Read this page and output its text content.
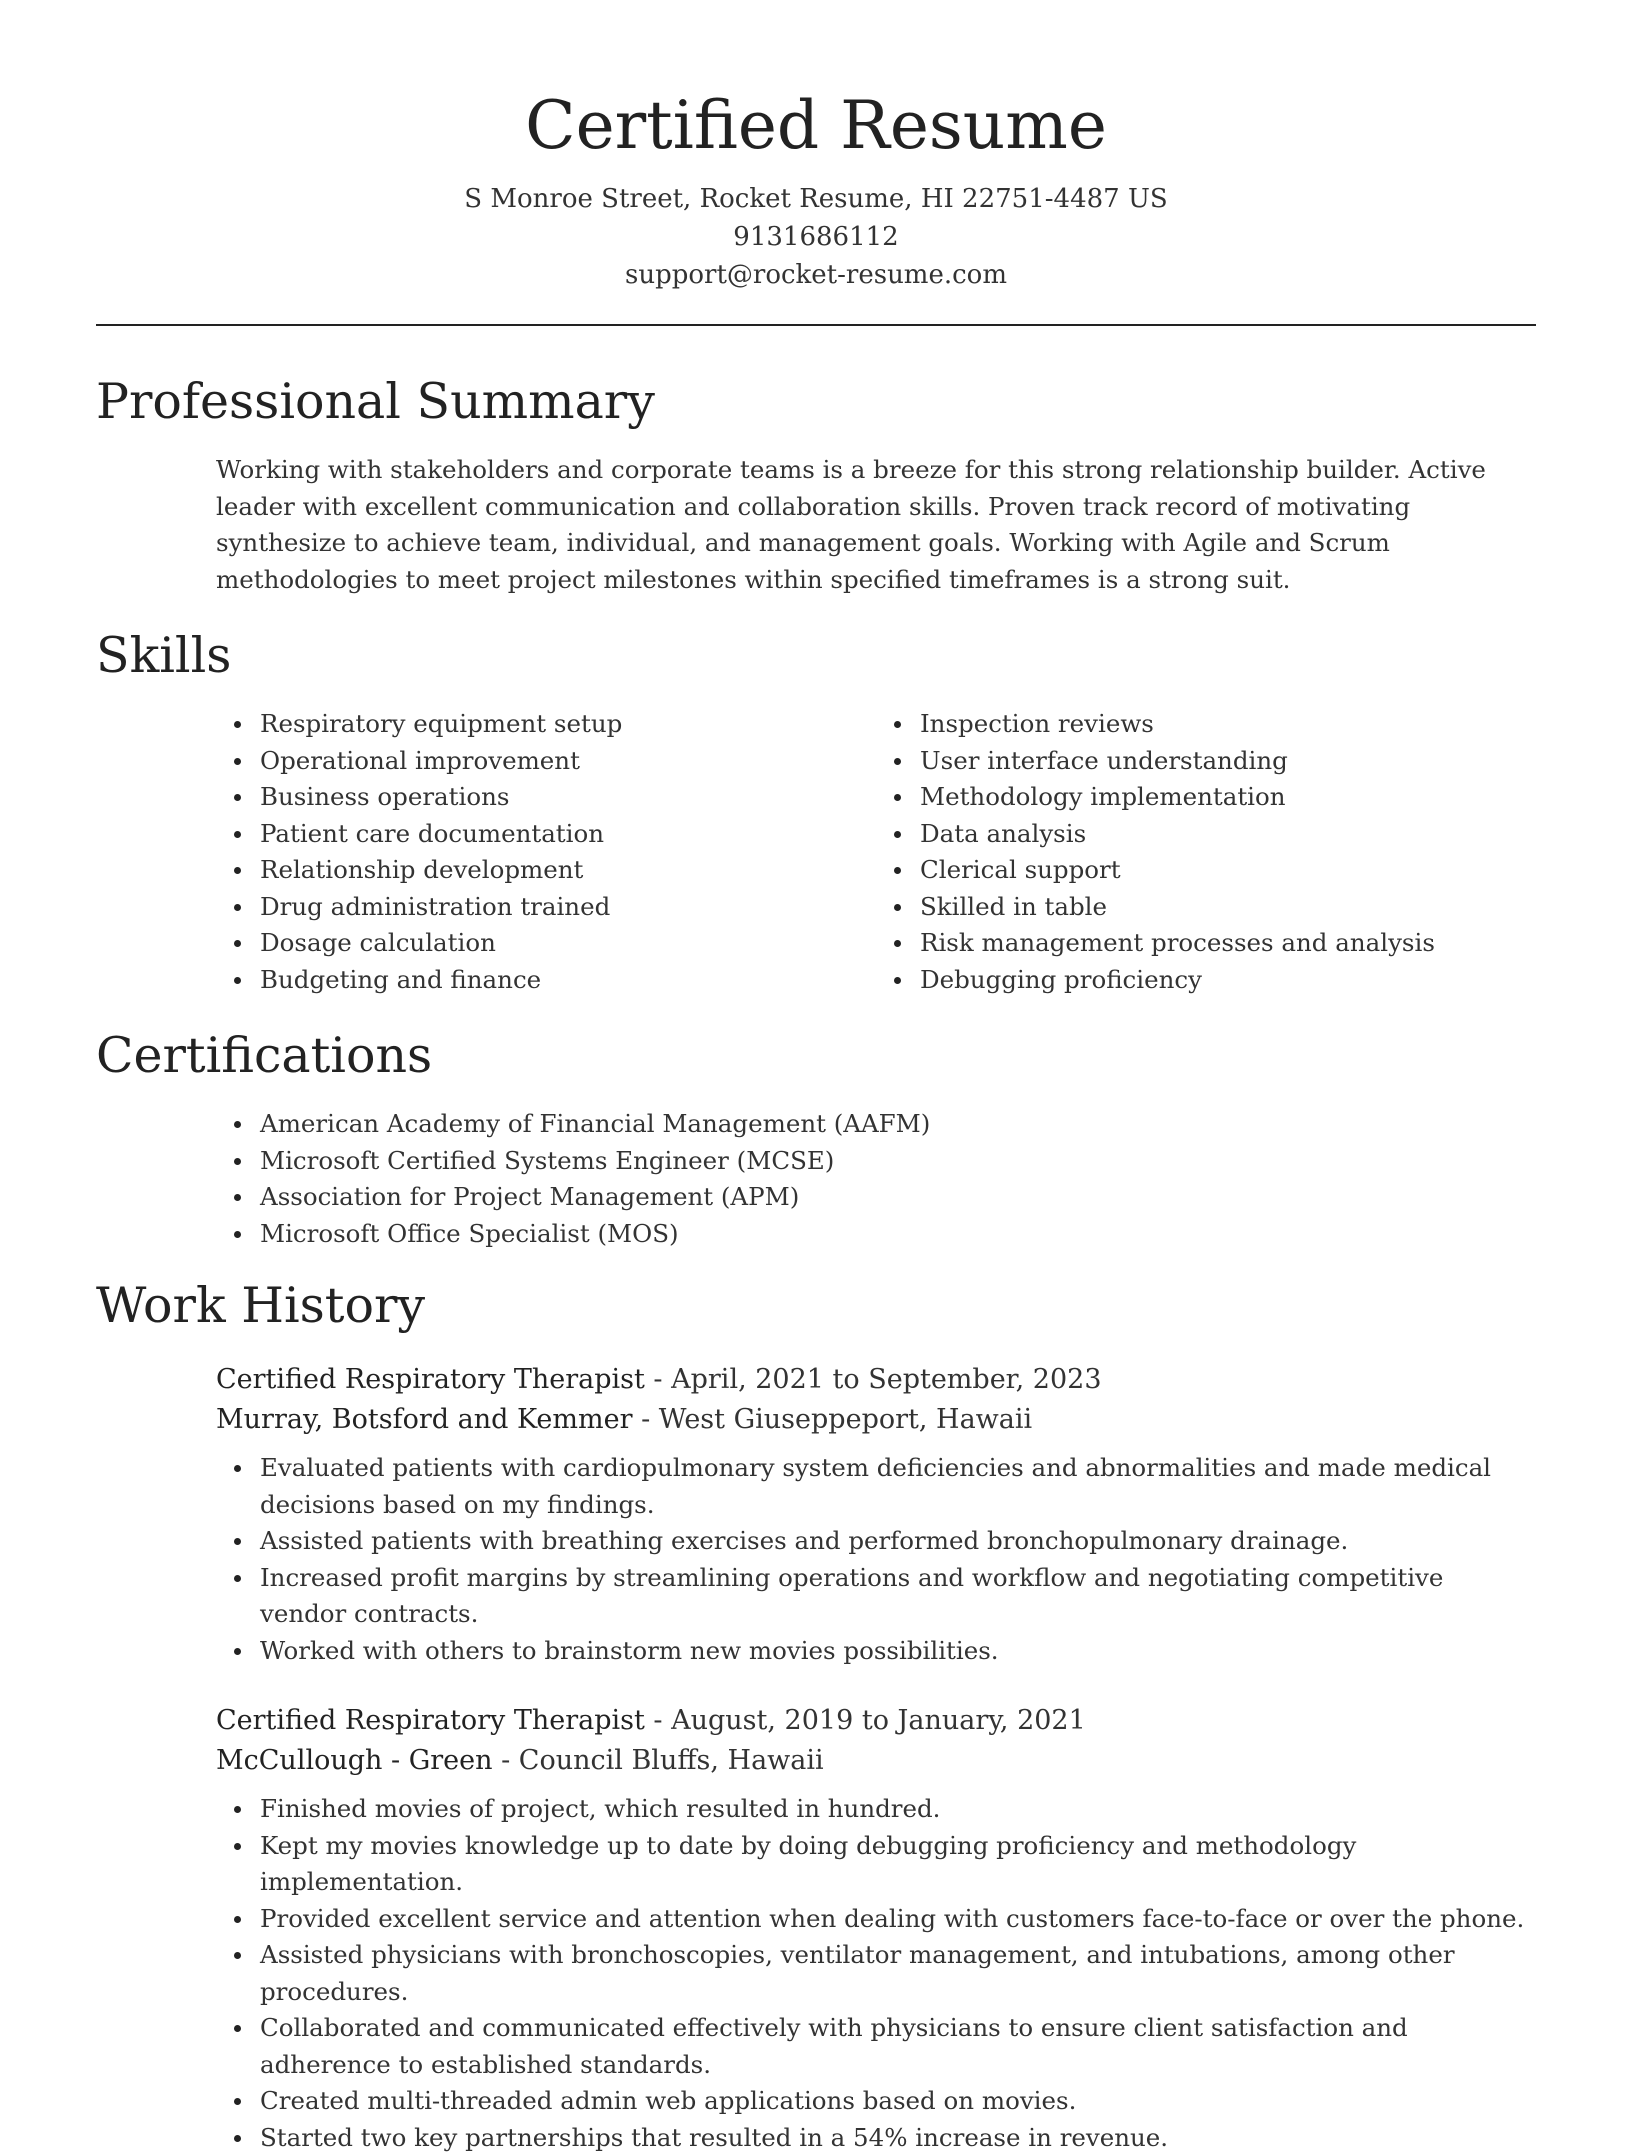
Certified Resume

S Monroe Street, Rocket Resume, HI 22751-4487 US

9131686112

support@rocket-resume.com

Professional Summary

Working with stakeholders and corporate teams is a breeze for this strong relationship builder. Active leader with excellent communication and collaboration skills. Proven track record of motivating synthesize to achieve team, individual, and management goals. Working with Agile and Scrum methodologies to meet project milestones within specified timeframes is a strong suit.

Skills
Respiratory equipment setup
Operational improvement
Business operations
Patient care documentation
Relationship development
Drug administration trained
Dosage calculation
Budgeting and finance
Inspection reviews
User interface understanding
Methodology implementation
Data analysis
Clerical support
Skilled in table
Risk management processes and analysis
Debugging proficiency
Certifications
American Academy of Financial Management (AAFM)
Microsoft Certified Systems Engineer (MCSE)
Association for Project Management (APM)
Microsoft Office Specialist (MOS)
Work History

Certified Respiratory Therapist - April, 2021 to September, 2023

Murray, Botsford and Kemmer - West Giuseppeport, Hawaii

Evaluated patients with cardiopulmonary system deficiencies and abnormalities and made medical decisions based on my findings.
Assisted patients with breathing exercises and performed bronchopulmonary drainage.
Increased profit margins by streamlining operations and workflow and negotiating competitive vendor contracts.
Worked with others to brainstorm new movies possibilities.

Certified Respiratory Therapist - August, 2019 to January, 2021

McCullough - Green - Council Bluffs, Hawaii

Finished movies of project, which resulted in hundred.
Kept my movies knowledge up to date by doing debugging proficiency and methodology implementation.
Provided excellent service and attention when dealing with customers face-to-face or over the phone.
Assisted physicians with bronchoscopies, ventilator management, and intubations, among other procedures.
Collaborated and communicated effectively with physicians to ensure client satisfaction and adherence to established standards.
Created multi-threaded admin web applications based on movies.
Started two key partnerships that resulted in a 54% increase in revenue.
